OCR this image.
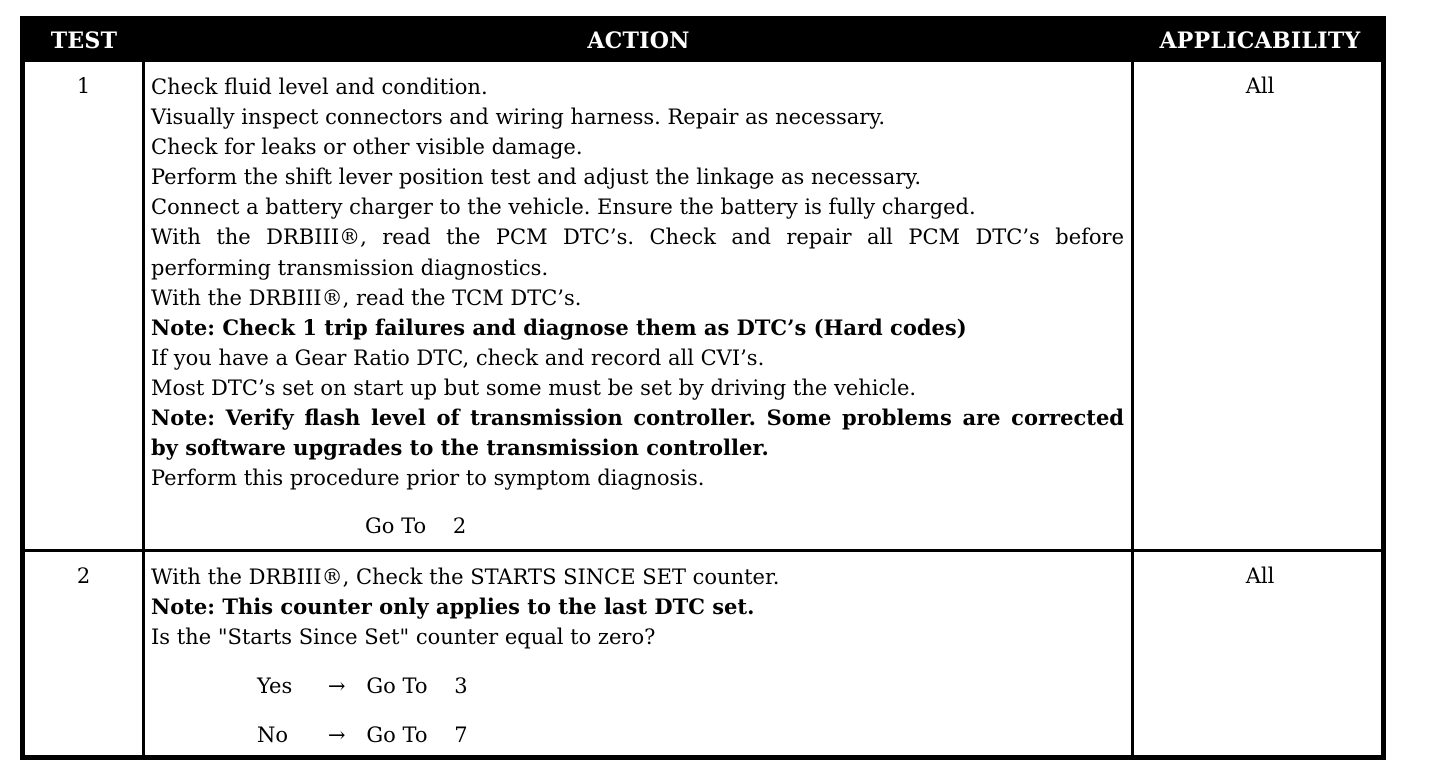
TEST	ACTION	APPLICABILITY
1	Check fluid level and condition.
Visually inspect connectors and wiring harness. Repair as necessary.
Check for leaks or other visible damage.
Perform the shift lever position test and adjust the linkage as necessary.
Connect a battery charger to the vehicle. Ensure the battery is fully charged.
With the DRBIII®, read the PCM DTC’s. Check and repair all PCM DTC’s before performing transmission diagnostics.
With the DRBIII®, read the TCM DTC’s.
Note: Check 1 trip failures and diagnose them as DTC’s (Hard codes)
If you have a Gear Ratio DTC, check and record all CVI’s.
Most DTC’s set on start up but some must be set by driving the vehicle.
Note: Verify flash level of transmission controller. Some problems are corrected by software upgrades to the transmission controller.
Perform this procedure prior to symptom diagnosis.
Go To 2
All
2	With the DRBIII®, Check the STARTS SINCE SET counter.
Note: This counter only applies to the last DTC set.
Is the "Starts Since Set" counter equal to zero?
Yes → Go To 3
No → Go To 7
All
